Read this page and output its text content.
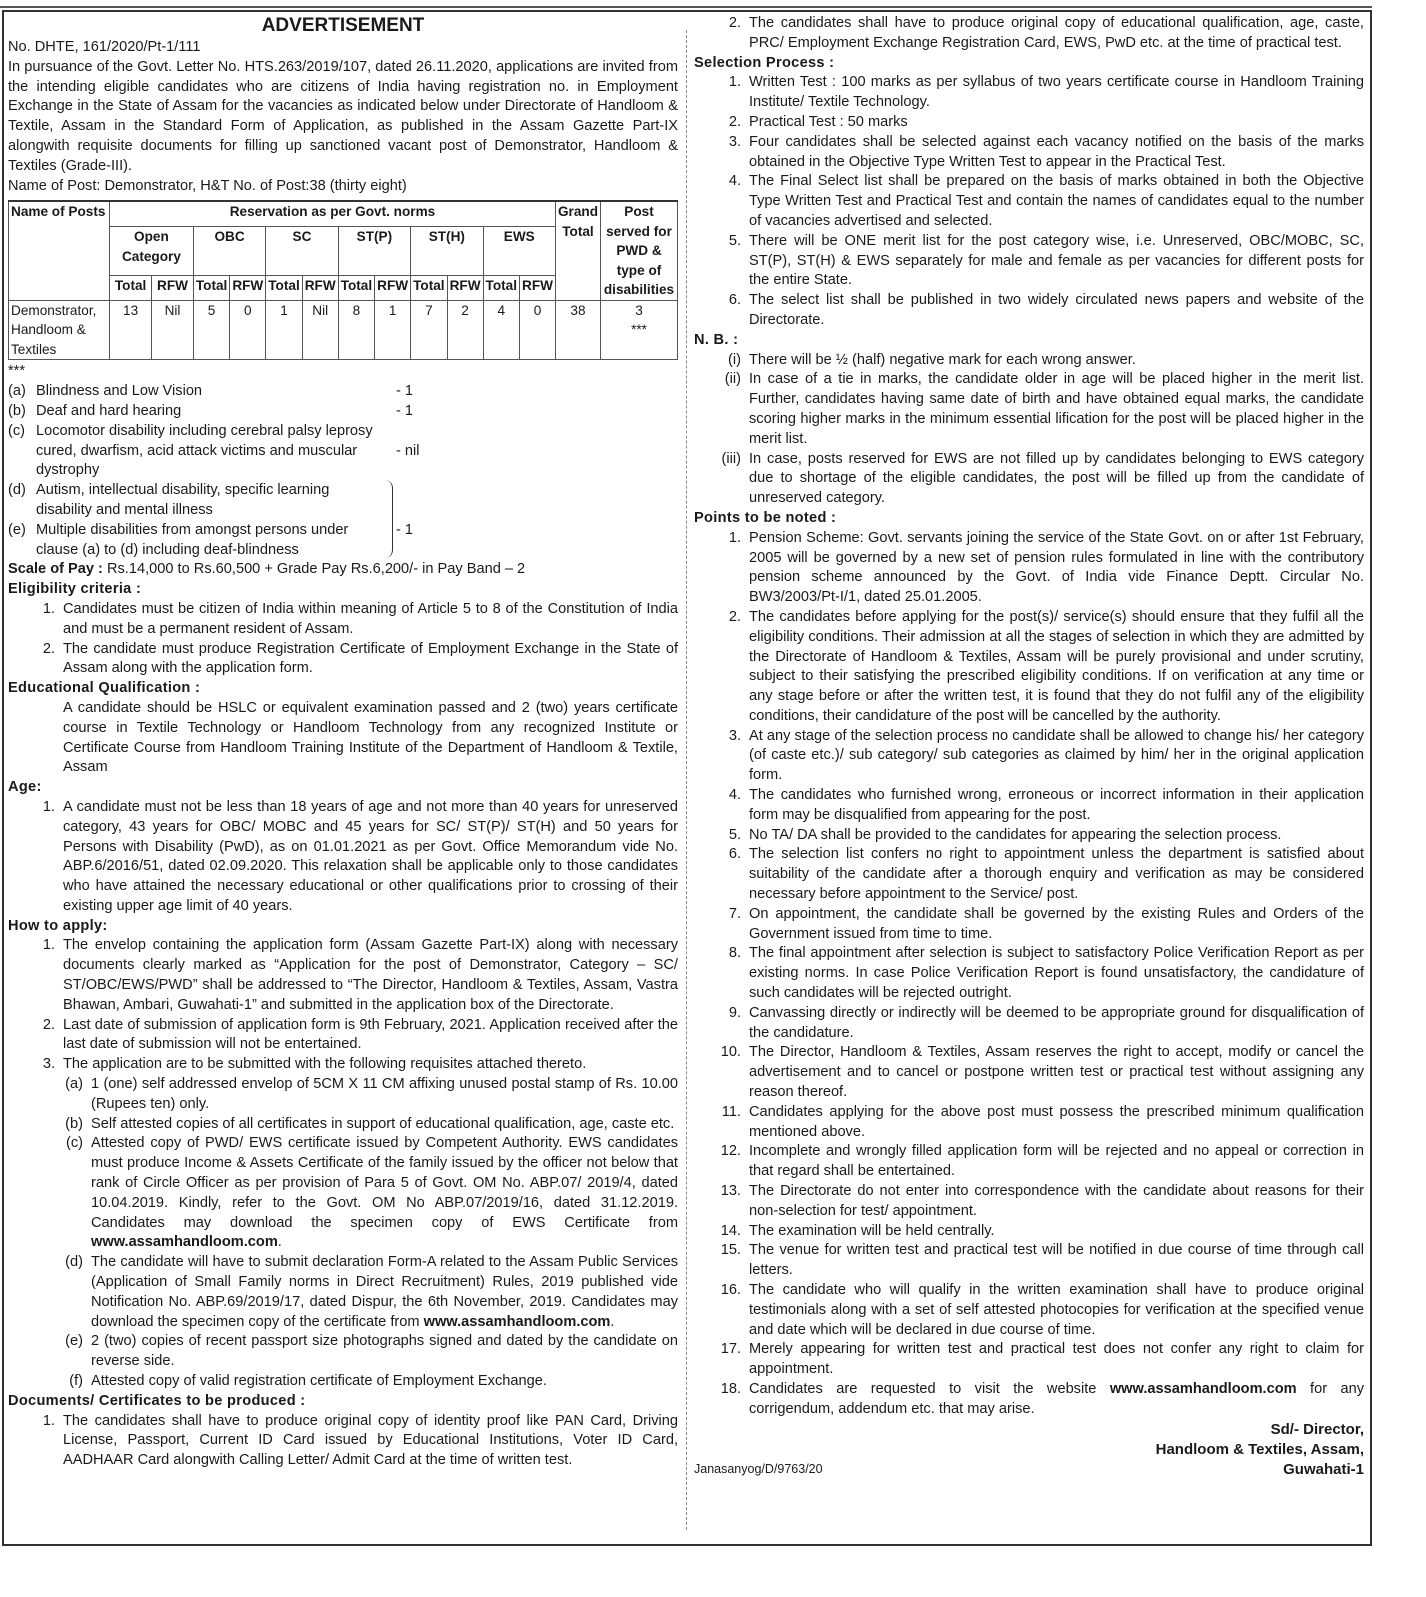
ADVERTISEMENT
No. DHTE, 161/2020/Pt-1/111
In pursuance of the Govt. Letter No. HTS.263/2019/107, dated 26.11.2020, applications are invited from the intending eligible candidates who are citizens of India having registration no. in Employment Exchange in the State of Assam for the vacancies as indicated below under Directorate of Handloom & Textile, Assam in the Standard Form of Application, as published in the Assam Gazette Part-IX alongwith requisite documents for filling up sanctioned vacant post of Demonstrator, Handloom & Textiles (Grade-III).
Name of Post: Demonstrator, H&T No. of Post:38 (thirty eight)
Name of Posts	Reservation as per Govt. norms												Grand Total	Post served for PWD & type of disabilities
	Open Category		OBC		SC		ST(P)		ST(H)		EWS			
	Total	RFW	Total	RFW	Total	RFW	Total	RFW	Total	RFW	Total	RFW		
Demonstrator, Handloom & Textiles	13	Nil	5	0	1	Nil	8	1	7	2	4	0	38	3
***
***
(a) Blindness and Low Vision	- 1
(b) Deaf and hard hearing	- 1
(c) Locomotor disability including cerebral palsy leprosy cured, dwarfism, acid attack victims and muscular dystrophy
- nil
(d) Autism, intellectual disability, specific learning disability and mental illness
(e) Multiple disabilities from amongst persons under clause (a) to (d) including deaf-blindness
- 1
Scale of Pay : Rs.14,000 to Rs.60,500 + Grade Pay Rs.6,200/- in Pay Band – 2
Eligibility criteria :
1. Candidates must be citizen of India within meaning of Article 5 to 8 of the Constitution of India and must be a permanent resident of Assam.
2. The candidate must produce Registration Certificate of Employment Exchange in the State of Assam along with the application form.
Educational Qualification :
A candidate should be HSLC or equivalent examination passed and 2 (two) years certificate course in Textile Technology or Handloom Technology from any recognized Institute or Certificate Course from Handloom Training Institute of the Department of Handloom & Textile, Assam
Age:
1. A candidate must not be less than 18 years of age and not more than 40 years for unreserved category, 43 years for OBC/ MOBC and 45 years for SC/ ST(P)/ ST(H) and 50 years for Persons with Disability (PwD), as on 01.01.2021 as per Govt. Office Memorandum vide No. ABP.6/2016/51, dated 02.09.2020. This relaxation shall be applicable only to those candidates who have attained the necessary educational or other qualifications prior to crossing of their existing upper age limit of 40 years.
How to apply:
1. The envelop containing the application form (Assam Gazette Part-IX) along with necessary documents clearly marked as “Application for the post of Demonstrator, Category – SC/ ST/OBC/EWS/PWD” shall be addressed to “The Director, Handloom & Textiles, Assam, Vastra Bhawan, Ambari, Guwahati-1” and submitted in the application box of the Directorate.
2. Last date of submission of application form is 9th February, 2021. Application received after the last date of submission will not be entertained.
3. The application are to be submitted with the following requisites attached thereto.
(a) 1 (one) self addressed envelop of 5CM X 11 CM affixing unused postal stamp of Rs. 10.00 (Rupees ten) only.
(b) Self attested copies of all certificates in support of educational qualification, age, caste etc.
(c) Attested copy of PWD/ EWS certificate issued by Competent Authority. EWS candidates must produce Income & Assets Certificate of the family issued by the officer not below that rank of Circle Officer as per provision of Para 5 of Govt. OM No. ABP.07/ 2019/4, dated 10.04.2019. Kindly, refer to the Govt. OM No ABP.07/2019/16, dated 31.12.2019. Candidates may download the specimen copy of EWS Certificate from www.assamhandloom.com.
(d) The candidate will have to submit declaration Form-A related to the Assam Public Services (Application of Small Family norms in Direct Recruitment) Rules, 2019 published vide Notification No. ABP.69/2019/17, dated Dispur, the 6th November, 2019. Candidates may download the specimen copy of the certificate from www.assamhandloom.com.
(e) 2 (two) copies of recent passport size photographs signed and dated by the candidate on reverse side.
(f) Attested copy of valid registration certificate of Employment Exchange.
Documents/ Certificates to be produced :
1. The candidates shall have to produce original copy of identity proof like PAN Card, Driving License, Passport, Current ID Card issued by Educational Institutions, Voter ID Card, AADHAAR Card alongwith Calling Letter/ Admit Card at the time of written test.
2. The candidates shall have to produce original copy of educational qualification, age, caste, PRC/ Employment Exchange Registration Card, EWS, PwD etc. at the time of practical test.
Selection Process :
1. Written Test : 100 marks as per syllabus of two years certificate course in Handloom Training Institute/ Textile Technology.
2. Practical Test : 50 marks
3. Four candidates shall be selected against each vacancy notified on the basis of the marks obtained in the Objective Type Written Test to appear in the Practical Test.
4. The Final Select list shall be prepared on the basis of marks obtained in both the Objective Type Written Test and Practical Test and contain the names of candidates equal to the number of vacancies advertised and selected.
5. There will be ONE merit list for the post category wise, i.e. Unreserved, OBC/MOBC, SC, ST(P), ST(H) & EWS separately for male and female as per vacancies for different posts for the entire State.
6. The select list shall be published in two widely circulated news papers and website of the Directorate.
N. B. :
(i) There will be ½ (half) negative mark for each wrong answer.
(ii) In case of a tie in marks, the candidate older in age will be placed higher in the merit list. Further, candidates having same date of birth and have obtained equal marks, the candidate scoring higher marks in the minimum essential lification for the post will be placed higher in the merit list.
(iii) In case, posts reserved for EWS are not filled up by candidates belonging to EWS category due to shortage of the eligible candidates, the post will be filled up from the candidate of unreserved category.
Points to be noted :
1. Pension Scheme: Govt. servants joining the service of the State Govt. on or after 1st February, 2005 will be governed by a new set of pension rules formulated in line with the contributory pension scheme announced by the Govt. of India vide Finance Deptt. Circular No. BW3/2003/Pt-I/1, dated 25.01.2005.
2. The candidates before applying for the post(s)/ service(s) should ensure that they fulfil all the eligibility conditions. Their admission at all the stages of selection in which they are admitted by the Directorate of Handloom & Textiles, Assam will be purely provisional and under scrutiny, subject to their satisfying the prescribed eligibility conditions. If on verification at any time or any stage before or after the written test, it is found that they do not fulfil any of the eligibility conditions, their candidature of the post will be cancelled by the authority.
3. At any stage of the selection process no candidate shall be allowed to change his/ her category (of caste etc.)/ sub category/ sub categories as claimed by him/ her in the original application form.
4. The candidates who furnished wrong, erroneous or incorrect information in their application form may be disqualified from appearing for the post.
5. No TA/ DA shall be provided to the candidates for appearing the selection process.
6. The selection list confers no right to appointment unless the department is satisfied about suitability of the candidate after a thorough enquiry and verification as may be considered necessary before appointment to the Service/ post.
7. On appointment, the candidate shall be governed by the existing Rules and Orders of the Government issued from time to time.
8. The final appointment after selection is subject to satisfactory Police Verification Report as per existing norms. In case Police Verification Report is found unsatisfactory, the candidature of such candidates will be rejected outright.
9. Canvassing directly or indirectly will be deemed to be appropriate ground for disqualification of the candidature.
10. The Director, Handloom & Textiles, Assam reserves the right to accept, modify or cancel the advertisement and to cancel or postpone written test or practical test without assigning any reason thereof.
11. Candidates applying for the above post must possess the prescribed minimum qualification mentioned above.
12. Incomplete and wrongly filled application form will be rejected and no appeal or correction in that regard shall be entertained.
13. The Directorate do not enter into correspondence with the candidate about reasons for their non-selection for test/ appointment.
14. The examination will be held centrally.
15. The venue for written test and practical test will be notified in due course of time through call letters.
16. The candidate who will qualify in the written examination shall have to produce original testimonials along with a set of self attested photocopies for verification at the specified venue and date which will be declared in due course of time.
17. Merely appearing for written test and practical test does not confer any right to claim for appointment.
18. Candidates are requested to visit the website www.assamhandloom.com for any corrigendum, addendum etc. that may arise.
Janasanyog/D/9763/20
Sd/- Director,
Handloom & Textiles, Assam,
Guwahati-1
